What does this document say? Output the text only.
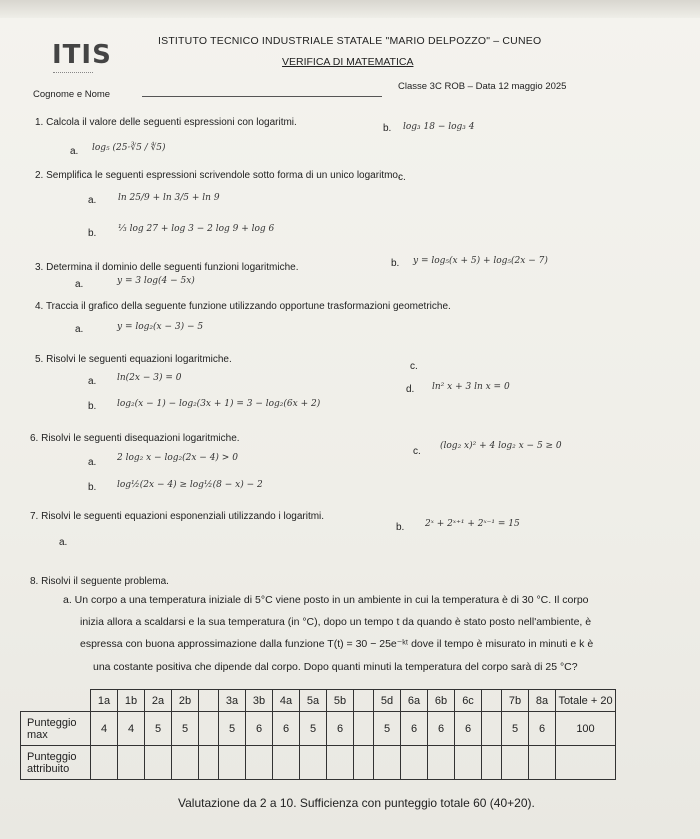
ITIS	ISTITUTO TECNICO INDUSTRIALE STATALE "MARIO DELPOZZO" – CUNEO
VERIFICA DI MATEMATICA
Cognome e Nome
Classe 3C ROB – Data 12 maggio 2025
1. Calcola il valore delle seguenti espressioni con logaritmi.
a. log₅ (25·∛5 / ∜5)
b. log₃ 18 − log₃ 4
2. Semplifica le seguenti espressioni scrivendole sotto forma di un unico logaritmo.
a. ln 25/9 + ln 3/5 + ln 9
c.
b. ⅓ log 27 + log 3 − 2 log 9 + log 6
3. Determina il dominio delle seguenti funzioni logaritmiche.
a.	y = 3 log(4 − 5x)
b. y = log₅(x + 5) + log₅(2x − 7)
4. Traccia il grafico della seguente funzione utilizzando opportune trasformazioni geometriche.
a.	y = log₂(x − 3) − 5
5. Risolvi le seguenti equazioni logaritmiche.
a. ln(2x − 3) = 0
c.
d. ln² x + 3 ln x = 0
b. log₂(x − 1) − log₂(3x + 1) = 3 − log₂(6x + 2)
6. Risolvi le seguenti disequazioni logaritmiche.
a. 2 log₂ x − log₂(2x − 4) > 0
c. (log₂ x)² + 4 log₂ x − 5 ≥ 0
b. log½(2x − 4) ≥ log½(8 − x) − 2
7. Risolvi le seguenti equazioni esponenziali utilizzando i logaritmi.
a.
b. 2ˣ + 2ˣ⁺¹ + 2ˣ⁻¹ = 15
8. Risolvi il seguente problema.
a. Un corpo a una temperatura iniziale di 5°C viene posto in un ambiente in cui la temperatura è di 30 °C. Il corpo
inizia allora a scaldarsi e la sua temperatura (in °C), dopo un tempo t da quando è stato posto nell'ambiente, è
espressa con buona approssimazione dalla funzione T(t) = 30 − 25e⁻ᵏᵗ dove il tempo è misurato in minuti e k è
una costante positiva che dipende dal corpo. Dopo quanti minuti la temperatura del corpo sarà di 25 °C?
	1a	1b	2a	2b		3a	3b	4a	5a	5b		5d	6a	6b	6c		7b	8a	Totale + 20
Punteggio max	4	4	5	5		5	6	6	5	6		5	6	6	6		5	6	100
Punteggio attribuito																			
Valutazione da 2 a 10. Sufficienza con punteggio totale 60 (40+20).
